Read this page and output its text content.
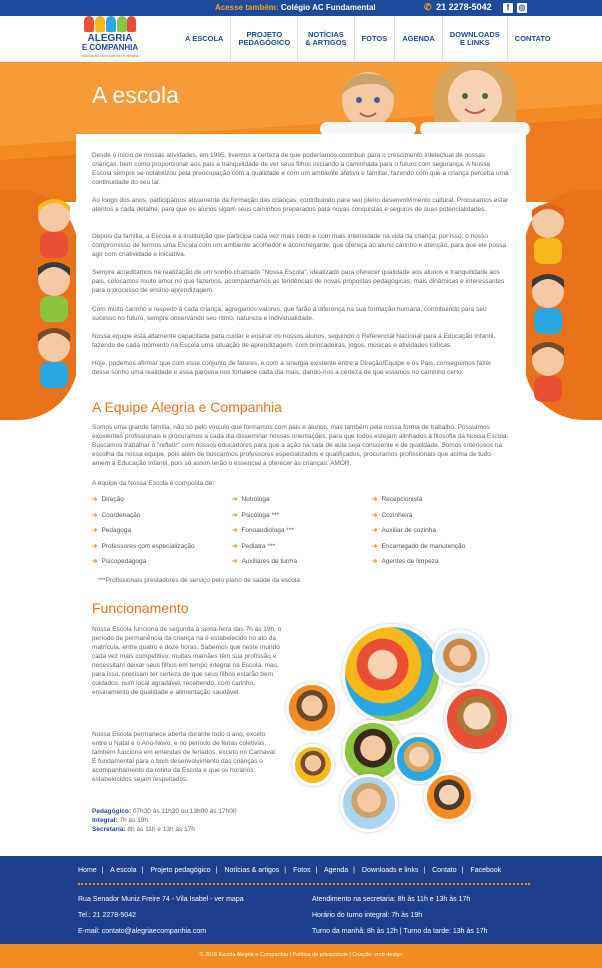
Acesse também: Colégio AC Fundamental	✆ 21 2278-5042	f	◎
ALEGRIA
E COMPANHIA
educação com carinho e alegria
A ESCOLA	PROJETO
PEDAGÓGICO
NOTÍCIAS
& ARTIGOS FOTOS AGENDA DOWNLOADS
E LINKS	CONTATO
A escola

Desde o início de nossas atividades, em 1995, tivemos a certeza de que poderíamos contribuir para o crescimento intelectual de nossas crianças, bem como proporcionar aos pais a tranquilidade de ver seus filhos iniciando a caminhada para o futuro com segurança. A Nossa Escola sempre se notabilizou pela preocupação com a qualidade e com um ambiente afetivo e familiar, fazendo com que a criança perceba uma continuidade do seu lar.

Ao longo dos anos, participamos ativamente da formação das crianças, contribuindo para seu pleno desenvolvimento cultural. Procuramos estar atentos a cada detalhe, para que os alunos sigam seus caminhos preparados para novas conquistas e seguros de suas potencialidades.

Depois da família, a Escola é a instituição que participa cada vez mais cedo e com mais intensidade na vida da criança; por isso, o nosso compromisso de termos uma Escola com um ambiente acolhedor e aconchegante, que ofereça ao aluno carinho e atenção, para que ele possa agir com criatividade e iniciativa.

Sempre acreditamos na realização de um sonho chamado "Nossa Escola", idealizado para oferecer qualidade aos alunos e tranquilidade aos pais, colocamos muito amor no que fazemos, acompanhamos as tendências de novas propostas pedagógicas, mais dinâmicas e interessantes para o processo de ensino-aprendizagem.

Com muito carinho e respeito à cada criança, agregamos valores, que farão a diferença na sua formação humana, contribuindo para seu sucesso no futuro, sempre observando seu ritmo, natureza e individualidade.

Nossa equipe está altamente capacitada para cuidar e ensinar os nossos alunos, seguindo o Referencial Nacional para a Educação Infantil, fazendo de cada momento na Escola uma situação de aprendizagem, com brincadeiras, jogos, músicas e atividades lúdicas.

Hoje, podemos afirmar que com esse conjunto de fatores, e com a sinergia existente entre a Direção/Equipe e os Pais, conseguimos fazer desse sonho uma realidade e essa parceria nos fortalece cada dia mais, dando-nos a certeza de que estamos no caminho certo.

A Equipe Alegria e Companhia

Somos uma grande família, não só pelo vínculo que formamos com pais e alunos, mas também pela nossa forma de trabalho. Possuímos excelentes profissionais e procuramos a cada dia disseminar nossas orientações, para que todos estejam alinhados à filosofia da Nossa Escola. Buscamos trabalhar o "refletir" com nossos educadores para que a ação na sala de aula seja consciente e de qualidade. Somos criteriosos na escolha da nossa equipe, pois além de buscarmos professores especializados e qualificados, procuramos profissionais que acima de tudo amem a Educação Infantil, pois só assim terão o essencial a oferecer às crianças: AMOR.

A equipe da Nossa Escola é composta de:

➔ Direção
➔ Coordenação
➔ Pedagoga
➔ Professores com especialização
➔ Psicopedagoga
➔ Nutróloga
➔ Psicóloga ***
➔ Fonoaudióloga ***
➔ Pediatra ***
➔ Auxiliares de turma
➔ Recepcionista
➔ Cozinheira
➔ Auxiliar de cozinha
➔ Encarregado de manutenção
➔ Agentes de limpeza

***Profissionais prestadores de serviço pelo plano de saúde da escola

Funcionamento

Nossa Escola funciona de segunda a sexta-feira das 7h às 19h, o período de permanência da criança na é estabelecido no ato da matrícula, entre quatro e doze horas. Sabemos que neste mundo cada vez mais competitivo, muitas mamães têm sua profissão e necessitam deixar seus filhos em tempo integral na Escola, mas, para isso, precisam ter certeza de que seus filhos estarão bem cuidados, num local agradável, recebendo, com carinho, ensinamento de qualidade e alimentação saudável.

Nossa Escola permanece aberta durante todo o ano, exceto entre o Natal e o Ano-Novo, e no período de férias coletivas, também funciona em emendas de feriados, exceto no Carnaval. É fundamental para o bom desenvolvimento das crianças o acompanhamento da rotina da Escola e que os horários estabelecidos sejam respeitados.

Pedagógico: 07h30 às 11h30 ou 13h00 às 17h00
Integral: 7h às 19h
Secretaria: 8h às 11h e 13h às 17h
Home | A escola | Projeto pedagógico | Notícias & artigos | Fotos | Agenda | Downloads e links | Contato | Facebook
Rua Senador Muniz Freire 74 - Vila Isabel - ver mapa
Tel.: 21 2278-5042
E-mail: contato@alegriaecompanhia.com
Atendimento na secretaria: 8h às 11h e 13h às 17h
Horário do turno integral: 7h às 19h
Turno da manhã: 8h às 12h | Turno da tarde: 13h às 17h
© 2016 Escola Alegria e Companhia | Política de privacidade | Criação: vmb design
